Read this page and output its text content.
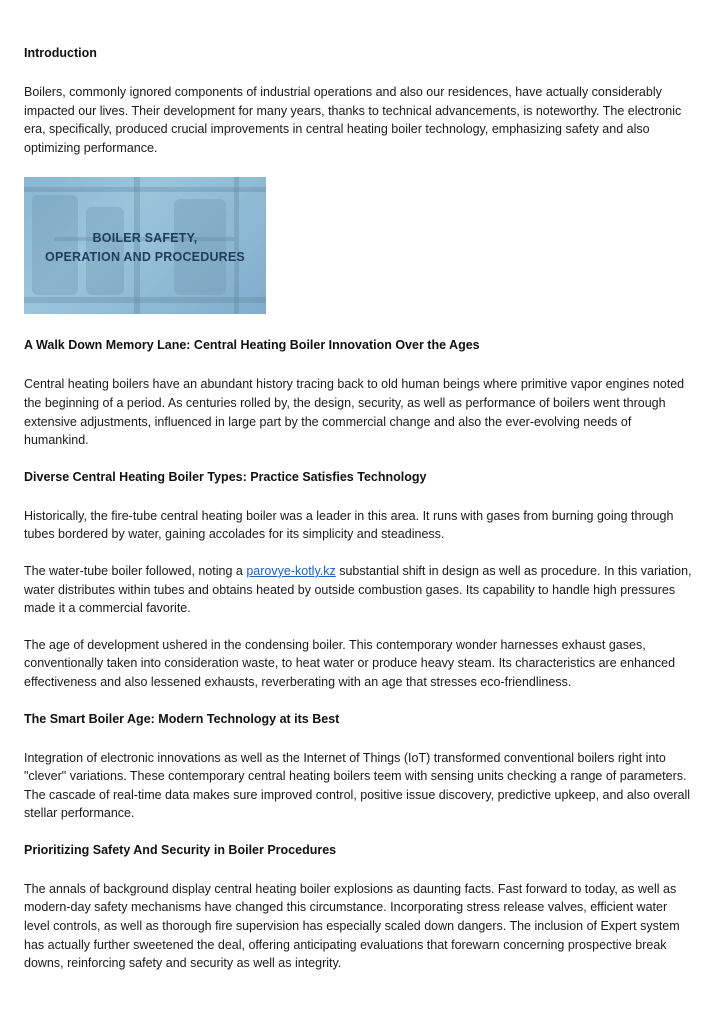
Introduction

Boilers, commonly ignored components of industrial operations and also our residences, have actually considerably impacted our lives. Their development for many years, thanks to technical advancements, is noteworthy. The electronic era, specifically, produced crucial improvements in central heating boiler technology, emphasizing safety and also optimizing performance.

BOILER SAFETY,
OPERATION AND PROCEDURES
A Walk Down Memory Lane: Central Heating Boiler Innovation Over the Ages

Central heating boilers have an abundant history tracing back to old human beings where primitive vapor engines noted the beginning of a period. As centuries rolled by, the design, security, as well as performance of boilers went through extensive adjustments, influenced in large part by the commercial change and also the ever-evolving needs of humankind.

Diverse Central Heating Boiler Types: Practice Satisfies Technology

Historically, the fire-tube central heating boiler was a leader in this area. It runs with gases from burning going through tubes bordered by water, gaining accolades for its simplicity and steadiness.

The water-tube boiler followed, noting a parovye-kotly.kz substantial shift in design as well as procedure. In this variation, water distributes within tubes and obtains heated by outside combustion gases. Its capability to handle high pressures made it a commercial favorite.

The age of development ushered in the condensing boiler. This contemporary wonder harnesses exhaust gases, conventionally taken into consideration waste, to heat water or produce heavy steam. Its characteristics are enhanced effectiveness and also lessened exhausts, reverberating with an age that stresses eco-friendliness.

The Smart Boiler Age: Modern Technology at its Best

Integration of electronic innovations as well as the Internet of Things (IoT) transformed conventional boilers right into "clever" variations. These contemporary central heating boilers teem with sensing units checking a range of parameters. The cascade of real-time data makes sure improved control, positive issue discovery, predictive upkeep, and also overall stellar performance.

Prioritizing Safety And Security in Boiler Procedures

The annals of background display central heating boiler explosions as daunting facts. Fast forward to today, as well as modern-day safety mechanisms have changed this circumstance. Incorporating stress release valves, efficient water level controls, as well as thorough fire supervision has especially scaled down dangers. The inclusion of Expert system has actually further sweetened the deal, offering anticipating evaluations that forewarn concerning prospective break downs, reinforcing safety and security as well as integrity.
